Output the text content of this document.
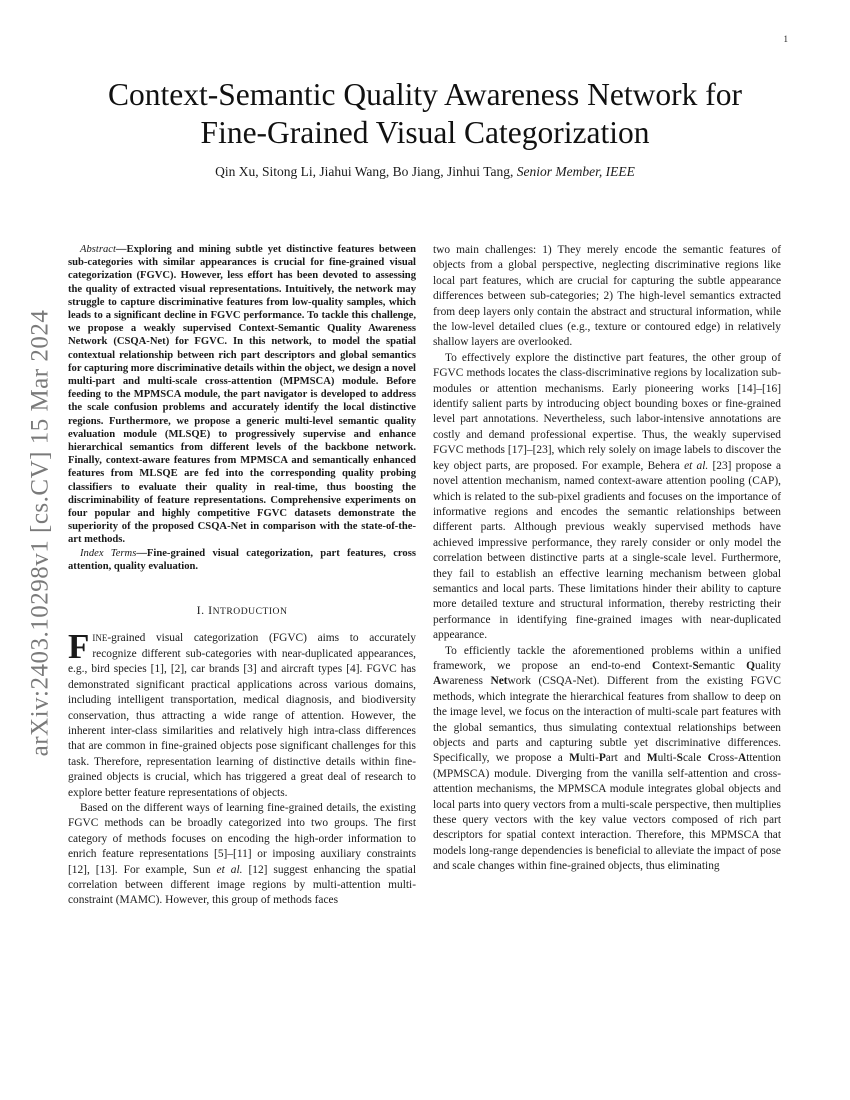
1
arXiv:2403.10298v1 [cs.CV] 15 Mar 2024
Context-Semantic Quality Awareness Network for
Fine-Grained Visual Categorization
Qin Xu, Sitong Li, Jiahui Wang, Bo Jiang, Jinhui Tang, Senior Member, IEEE

Abstract—Exploring and mining subtle yet distinctive features between sub-categories with similar appearances is crucial for fine-grained visual categorization (FGVC). However, less effort has been devoted to assessing the quality of extracted visual representations. Intuitively, the network may struggle to capture discriminative features from low-quality samples, which leads to a significant decline in FGVC performance. To tackle this challenge, we propose a weakly supervised Context-Semantic Quality Awareness Network (CSQA-Net) for FGVC. In this network, to model the spatial contextual relationship between rich part descriptors and global semantics for capturing more discriminative details within the object, we design a novel multi-part and multi-scale cross-attention (MPMSCA) module. Before feeding to the MPMSCA module, the part navigator is developed to address the scale confusion problems and accurately identify the local distinctive regions. Furthermore, we propose a generic multi-level semantic quality evaluation module (MLSQE) to progressively supervise and enhance hierarchical semantics from different levels of the backbone network. Finally, context-aware features from MPMSCA and semantically enhanced features from MLSQE are fed into the corresponding quality probing classifiers to evaluate their quality in real-time, thus boosting the discriminability of feature representations. Comprehensive experiments on four popular and highly competitive FGVC datasets demonstrate the superiority of the proposed CSQA-Net in comparison with the state-of-the-art methods.

Index Terms—Fine-grained visual categorization, part features, cross attention, quality evaluation.

I. INTRODUCTION

FINE-grained visual categorization (FGVC) aims to accurately recognize different sub-categories with near-duplicated appearances, e.g., bird species [1], [2], car brands [3] and aircraft types [4]. FGVC has demonstrated significant practical applications across various domains, including intelligent transportation, medical diagnosis, and biodiversity conservation, thus attracting a wide range of attention. However, the inherent inter-class similarities and relatively high intra-class differences that are common in fine-grained objects pose significant challenges for this task. Therefore, representation learning of distinctive details within fine-grained objects is crucial, which has triggered a great deal of research to explore better feature representations of objects.

Based on the different ways of learning fine-grained details, the existing FGVC methods can be broadly categorized into two groups. The first category of methods focuses on encoding the high-order information to enrich feature representations [5]–[11] or imposing auxiliary constraints [12], [13]. For example, Sun et al. [12] suggest enhancing the spatial correlation between different image regions by multi-attention multi-constraint (MAMC). However, this group of methods faces

two main challenges: 1) They merely encode the semantic features of objects from a global perspective, neglecting discriminative regions like local part features, which are crucial for capturing the subtle appearance differences between sub-categories; 2) The high-level semantics extracted from deep layers only contain the abstract and structural information, while the low-level detailed clues (e.g., texture or contoured edge) in relatively shallow layers are overlooked.

To effectively explore the distinctive part features, the other group of FGVC methods locates the class-discriminative regions by localization sub-modules or attention mechanisms. Early pioneering works [14]–[16] identify salient parts by introducing object bounding boxes or fine-grained level part annotations. Nevertheless, such labor-intensive annotations are costly and demand professional expertise. Thus, the weakly supervised FGVC methods [17]–[23], which rely solely on image labels to discover the key object parts, are proposed. For example, Behera et al. [23] propose a novel attention mechanism, named context-aware attention pooling (CAP), which is related to the sub-pixel gradients and focuses on the importance of informative regions and encodes the semantic relationships between different parts. Although previous weakly supervised methods have achieved impressive performance, they rarely consider or only model the correlation between distinctive parts at a single-scale level. Furthermore, they fail to establish an effective learning mechanism between global semantics and local parts. These limitations hinder their ability to capture more detailed texture and structural information, thereby restricting their performance in identifying fine-grained images with near-duplicated appearance.

To efficiently tackle the aforementioned problems within a unified framework, we propose an end-to-end Context-Semantic Quality Awareness Network (CSQA-Net). Different from the existing FGVC methods, which integrate the hierarchical features from shallow to deep on the image level, we focus on the interaction of multi-scale part features with the global semantics, thus simulating contextual relationships between objects and parts and capturing subtle yet discriminative differences. Specifically, we propose a Multi-Part and Multi-Scale Cross-Attention (MPMSCA) module. Diverging from the vanilla self-attention and cross-attention mechanisms, the MPMSCA module integrates global objects and local parts into query vectors from a multi-scale perspective, then multiplies these query vectors with the key value vectors composed of rich part descriptors for spatial context interaction. Therefore, this MPMSCA that models long-range dependencies is beneficial to alleviate the impact of pose and scale changes within fine-grained objects, thus eliminating
